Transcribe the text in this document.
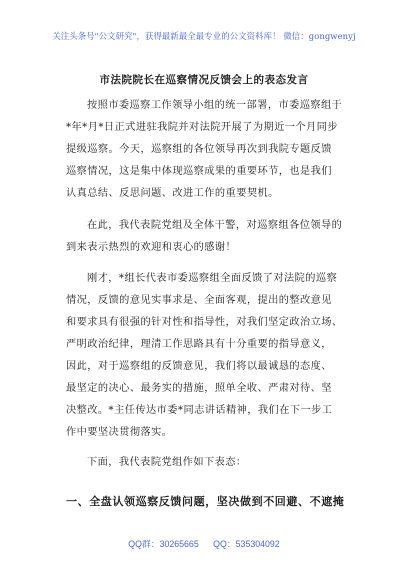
关注头条号"公文研究"，获得最新最全最专业的公文资料库！ 微信：gongwenyj
市法院院长在巡察情况反馈会上的表态发言

按照市委巡察工作领导小组的统一部署，市委巡察组于

*年*月*日正式进驻我院并对法院开展了为期近一个月同步

提级巡察。今天，巡察组的各位领导再次到我院专题反馈

巡察情况，这是集中体现巡察成果的重要环节，也是我们

认真总结、反思问题、改进工作的重要契机。

在此，我代表院党组及全体干警，对巡察组各位领导的

到来表示热烈的欢迎和衷心的感谢！

刚才，*组长代表市委巡察组全面反馈了对法院的巡察

情况，反馈的意见实事求是、全面客观，提出的整改意见

和要求具有很强的针对性和指导性，对我们坚定政治立场、

严明政治纪律，理清工作思路具有十分重要的指导意义，

因此，对于巡察组的反馈意见，我们将以最诚恳的态度、

最坚定的决心、最务实的措施，照单全收、严肃对待、坚

决整改。*主任传达市委*同志讲话精神，我们在下一步工

作中要坚决贯彻落实。

下面，我代表院党组作如下表态：

一、全盘认领巡察反馈问题，坚决做到不回避、不遮掩
QQ群：30265665 QQ：535304092
